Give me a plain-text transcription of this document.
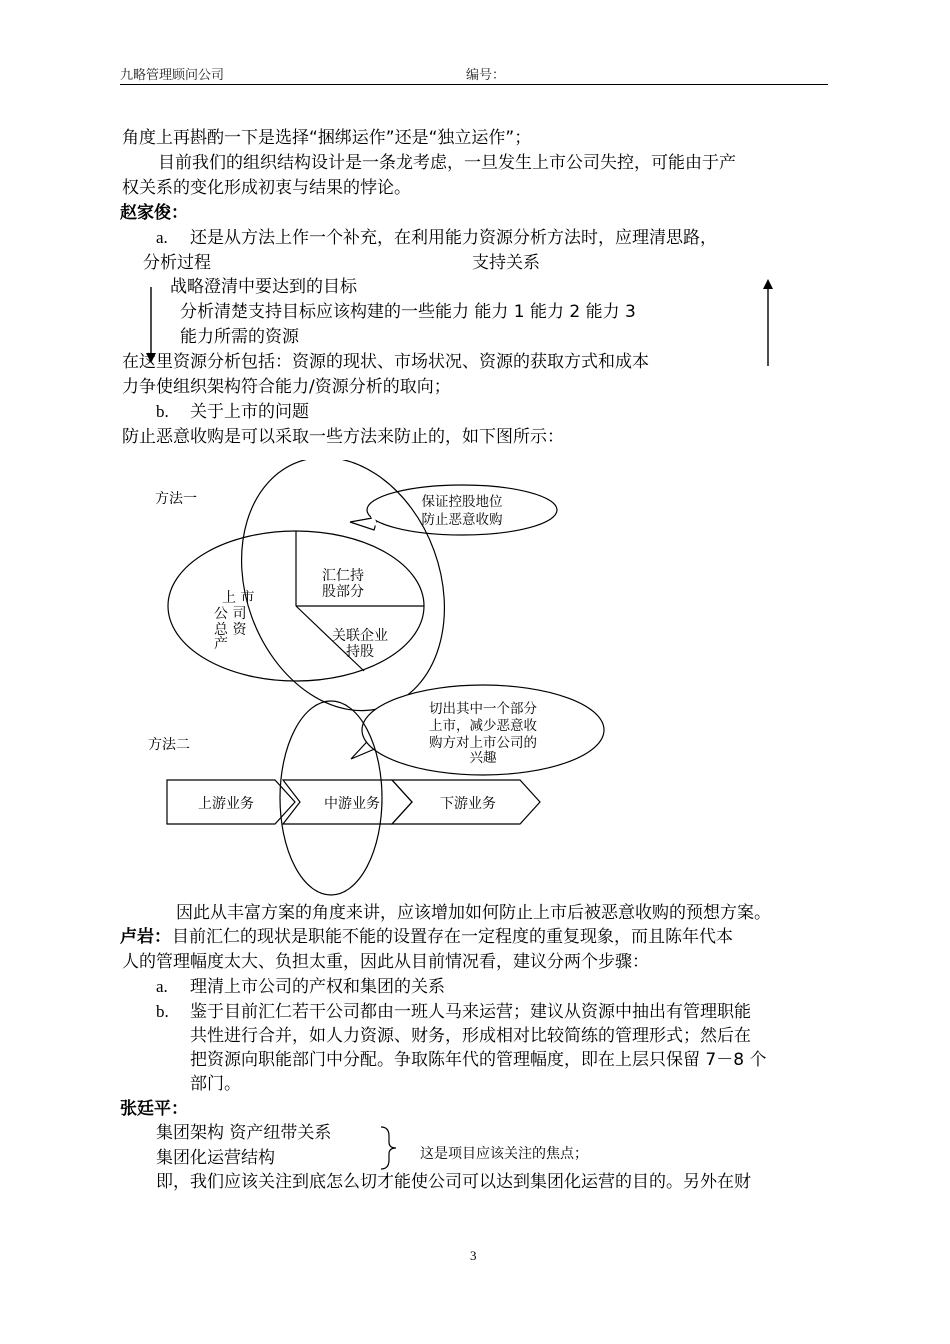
九略管理顾问公司	编号：
角度上再斟酌一下是选择“捆绑运作”还是“独立运作”；
目前我们的组织结构设计是一条龙考虑，一旦发生上市公司失控，可能由于产
权关系的变化形成初衷与结果的悖论。
赵家俊：
a. 还是从方法上作一个补充，在利用能力资源分析方法时，应理清思路，
分析过程	支持关系
战略澄清中要达到的目标
分析清楚支持目标应该构建的一些能力 能力 1 能力 2 能力 3
能力所需的资源
在这里资源分析包括：资源的现状、市场状况、资源的获取方式和成本
力争使组织架构符合能力/资源分析的取向；
b. 关于上市的问题
防止恶意收购是可以采取一些方法来防止的，如下图所示：
方法一	保证控股地位
防止恶意收购
上 市
公 司
总 资
产
汇仁持
股部分
关联企业
持股
方法二
切出其中一个部分
上市，减少恶意收
购方对上市公司的
兴趣
上游业务	中游业务	下游业务
因此从丰富方案的角度来讲，应该增加如何防止上市后被恶意收购的预想方案。
卢岩： 目前汇仁的现状是职能不能的设置存在一定程度的重复现象，而且陈年代本
人的管理幅度太大、负担太重，因此从目前情况看，建议分两个步骤：
a. 理清上市公司的产权和集团的关系
b. 鉴于目前汇仁若干公司都由一班人马来运营；建议从资源中抽出有管理职能
共性进行合并，如人力资源、财务，形成相对比较简练的管理形式；然后在
把资源向职能部门中分配。争取陈年代的管理幅度，即在上层只保留 7－8 个
部门。
张廷平：
集团架构 资产纽带关系
集团化运营结构	这是项目应该关注的焦点；
即，我们应该关注到底怎么切才能使公司可以达到集团化运营的目的。另外在财
3
